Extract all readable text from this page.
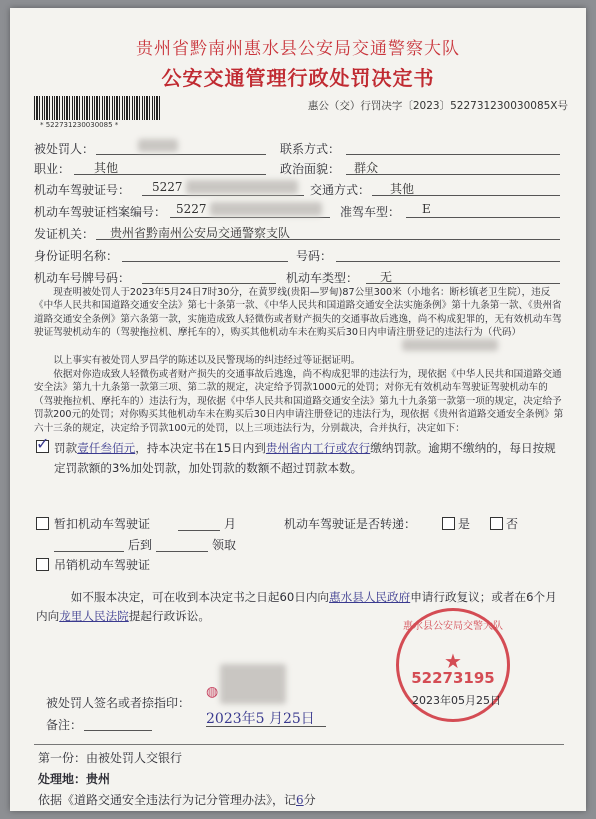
贵州省黔南州惠水县公安局交通警察大队
公安交通管理行政处罚决定书
* 522731230030085 *
惠公（交）行罚决字〔2023〕522731230030085X号
被处罚人：	联系方式：
职业： 其他	政治面貌： 群众
机动车驾驶证号： 5227	交通方式： 其他
机动车驾驶证档案编号： 5227	准驾车型： E
发证机关： 贵州省黔南州公安局交通警察支队
身份证明名称：	号码：
机动车号牌号码：	机动车类型： 无
现查明被处罚人于2023年5月24日7时30分，在黄罗线(贵阳—罗甸)87公里300米（小地名：断杉镇老卫生院），违反《中华人民共和国道路交通安全法》第七十条第一款、《中华人民共和国道路交通安全法实施条例》第十九条第一款、《贵州省道路交通安全条例》第六条第一款，实施造成致人轻微伤或者财产损失的交通事故后逃逸，尚不构成犯罪的，无有效机动车驾驶证驾驶机动车的（驾驶拖拉机、摩托车的），购买其他机动车未在购买后30日内申请注册登记的违法行为（代码）
以上事实有被处罚人罗昌学的陈述以及民警现场的纠违经过等证据证明。
依据对你造成致人轻微伤或者财产损失的交通事故后逃逸，尚不构成犯罪的违法行为，现依据《中华人民共和国道路交通安全法》第九十九条第一款第三项、第二款的规定，决定给予罚款1000元的处罚；对你无有效机动车驾驶证驾驶机动车的（驾驶拖拉机、摩托车的）违法行为，现依据《中华人民共和国道路交通安全法》第九十九条第一款第一项的规定，决定给予罚款200元的处罚；对你购买其他机动车未在购买后30日内申请注册登记的违法行为，现依据《贵州省道路交通安全条例》第六十三条的规定，决定给予罚款100元的处罚，以上三项违法行为，分别裁决，合并执行，决定如下：
✓ 罚款壹仟叁佰元，持本决定书在15日内到贵州省内工行或农行缴纳罚款。逾期不缴纳的，每日按规定罚款额的3%加处罚款，加处罚款的数额不超过罚款本数。
暂扣机动车驾驶证	月	机动车驾驶证是否转递：	是	否
后到	领取
吊销机动车驾驶证
如不服本决定，可在收到本决定书之日起60日内向惠水县人民政府申请行政复议；或者在6个月内向龙里人民法院提起行政诉讼。
惠水县公安局交警大队
★
52273195
◍
被处罚人签名或者捺指印：
备注：	2023年5 月25日
2023年05月25日
第一份：由被处罚人交银行
处理地：贵州
依据《道路交通安全违法行为记分管理办法》，记6分
